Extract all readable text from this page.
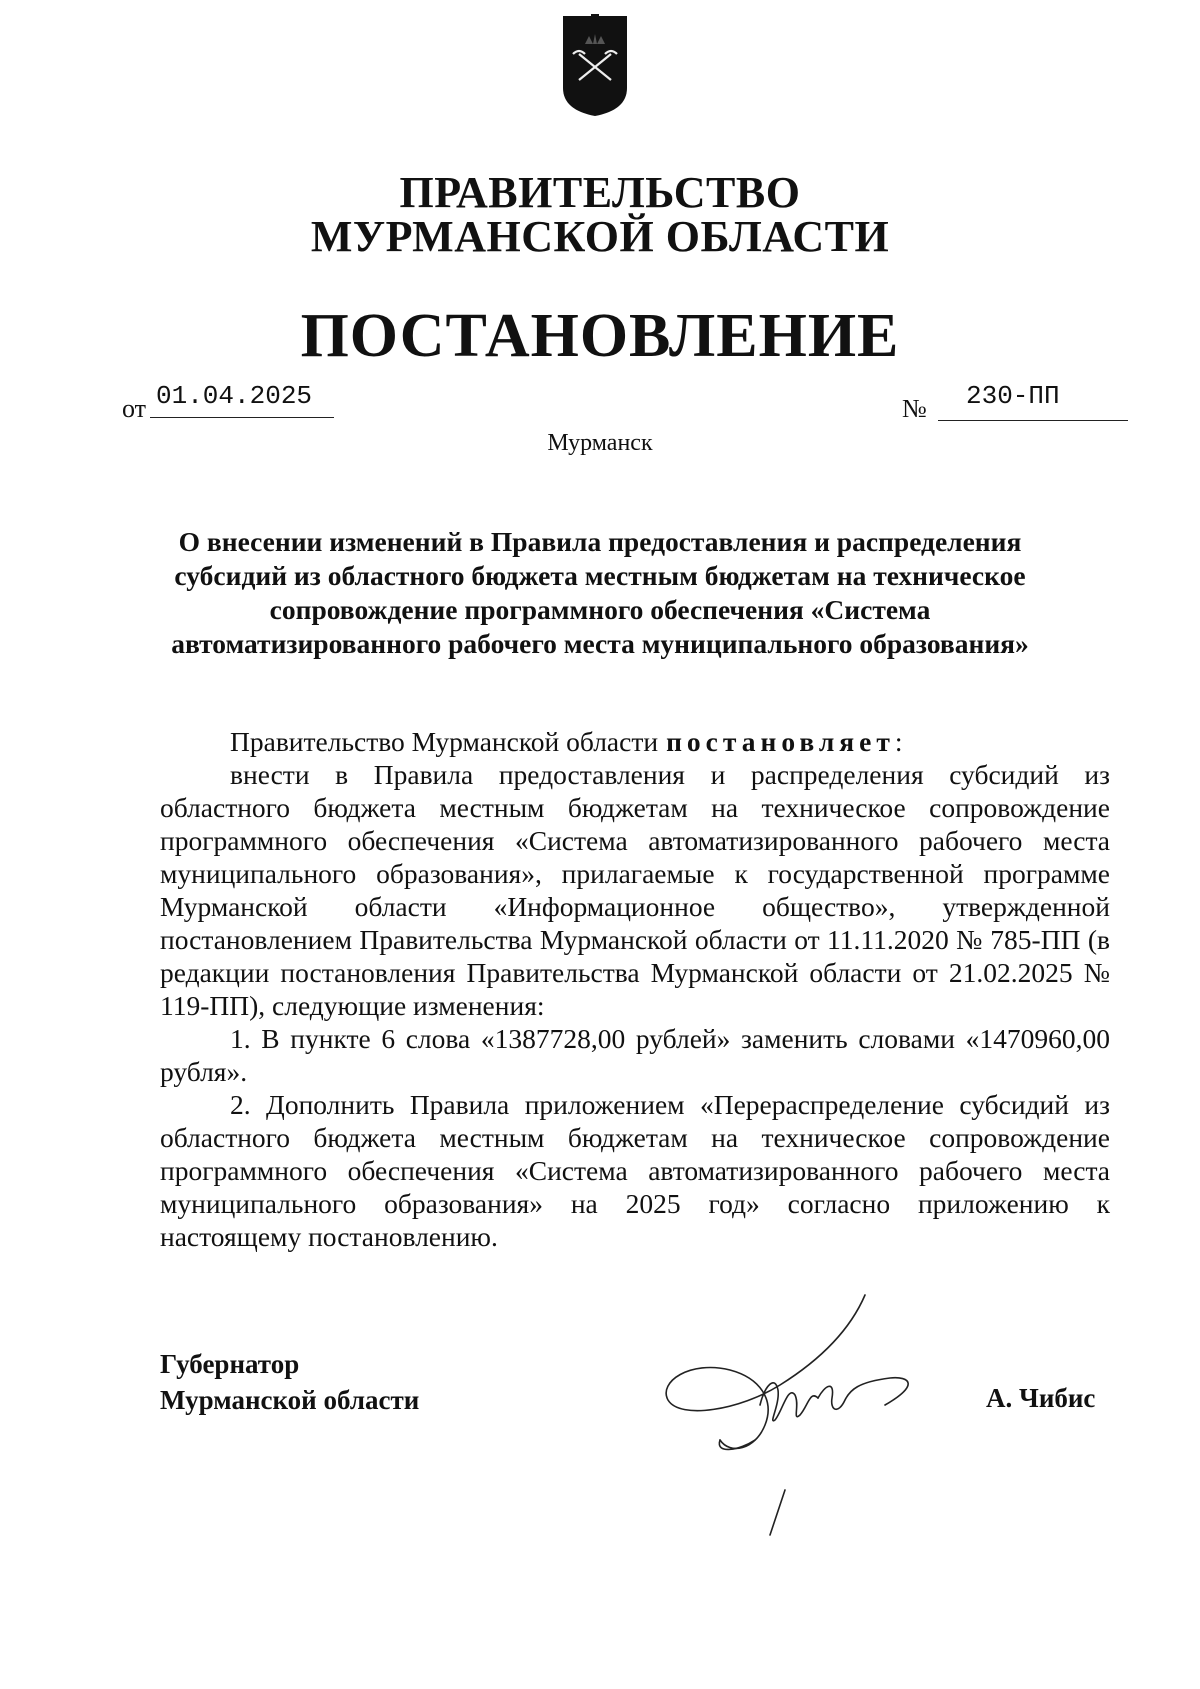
ПРАВИТЕЛЬСТВО
МУРМАНСКОЙ ОБЛАСТИ
ПОСТАНОВЛЕНИЕ
от 01.04.2025	№	230-ПП
Мурманск
О внесении изменений в Правила предоставления и распределения субсидий из областного бюджета местным бюджетам на техническое сопровождение программного обеспечения «Система автоматизированного рабочего места муниципального образования»
Правительство Мурманской области постановляет:

внести в Правила предоставления и распределения субсидий из областного бюджета местным бюджетам на техническое сопровождение программного обеспечения «Система автоматизированного рабочего места муниципального образования», прилагаемые к государственной программе Мурманской области «Информационное общество», утвержденной постановлением Правительства Мурманской области от 11.11.2020 № 785-ПП (в редакции постановления Правительства Мурманской области от 21.02.2025 № 119-ПП), следующие изменения:

1. В пункте 6 слова «1387728,00 рублей» заменить словами «1470960,00 рубля».

2. Дополнить Правила приложением «Перераспределение субсидий из областного бюджета местным бюджетам на техническое сопровождение программного обеспечения «Система автоматизированного рабочего места муниципального образования» на 2025 год» согласно приложению к настоящему постановлению.

Губернатор
Мурманской области	А. Чибис
